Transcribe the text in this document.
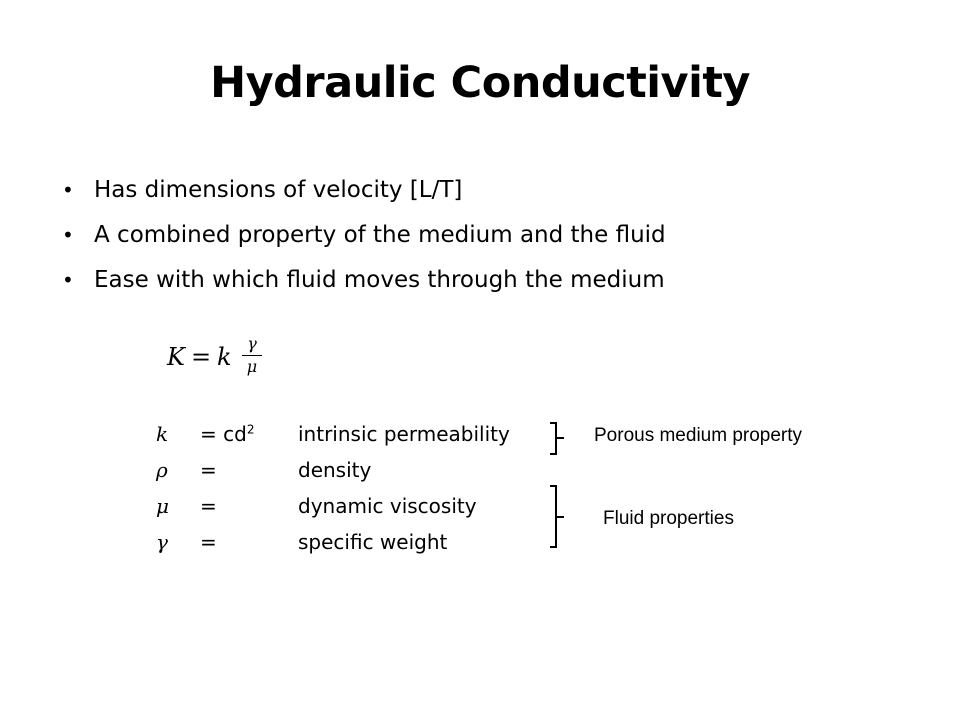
Hydraulic Conductivity
• Has dimensions of velocity [L/T]
• A combined property of the medium and the fluid
• Ease with which fluid moves through the medium
K = k γ
μ
$k = cd^2$ intrinsic permeability
ρ =	density
μ =	dynamic viscosity
γ =	specific weight
Porous medium property
Fluid properties
